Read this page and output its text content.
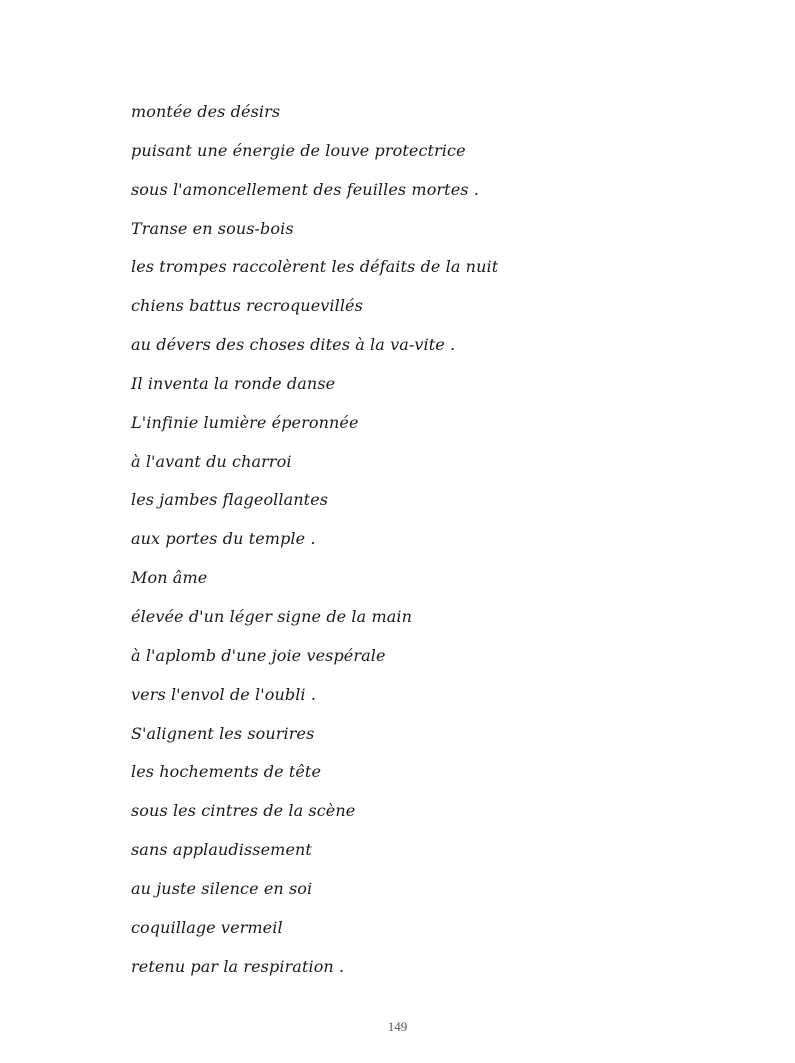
montée des désirs
puisant une énergie de louve protectrice
sous l'amoncellement des feuilles mortes .
Transe en sous-bois
les trompes raccolèrent les défaits de la nuit
chiens battus recroquevillés
au dévers des choses dites à la va-vite .
Il inventa la ronde danse
L'infinie lumière éperonnée
à l'avant du charroi
les jambes flageollantes
aux portes du temple .
Mon âme
élevée d'un léger signe de la main
à l'aplomb d'une joie vespérale
vers l'envol de l'oubli .
S'alignent les sourires
les hochements de tête
sous les cintres de la scène
sans applaudissement
au juste silence en soi
coquillage vermeil
retenu par la respiration .
149
